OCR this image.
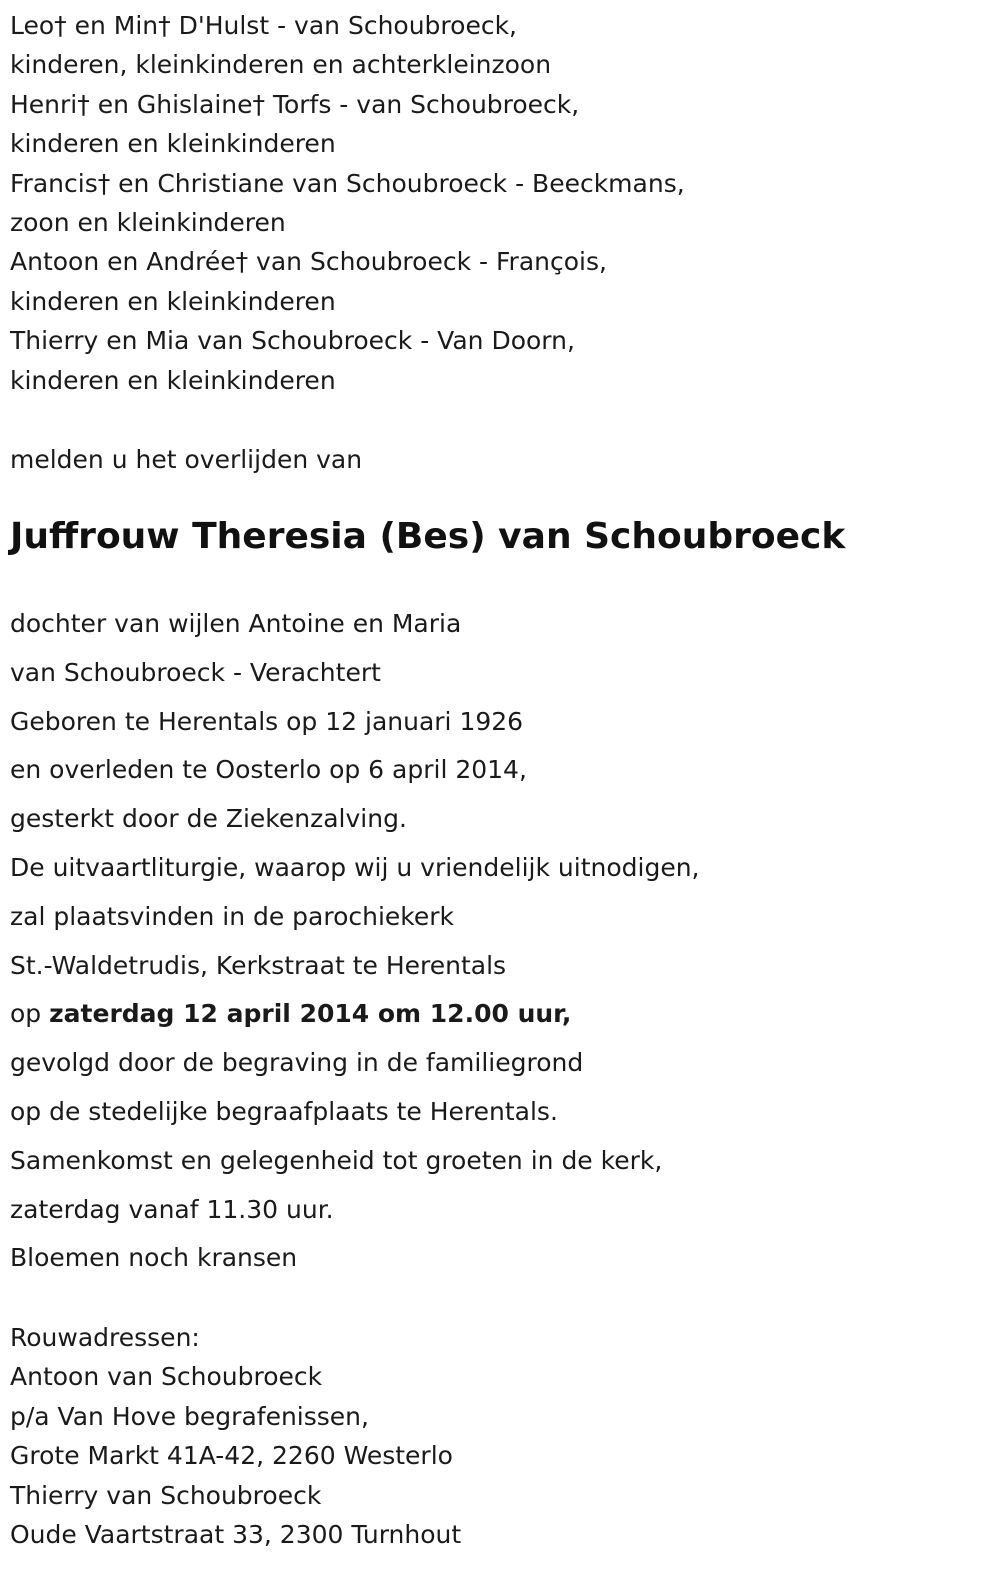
Leo† en Min† D'Hulst - van Schoubroeck,
kinderen, kleinkinderen en achterkleinzoon
Henri† en Ghislaine† Torfs - van Schoubroeck,
kinderen en kleinkinderen
Francis† en Christiane van Schoubroeck - Beeckmans,
zoon en kleinkinderen
Antoon en Andrée† van Schoubroeck - François,
kinderen en kleinkinderen
Thierry en Mia van Schoubroeck - Van Doorn,
kinderen en kleinkinderen
melden u het overlijden van
Juffrouw Theresia (Bes) van Schoubroeck
dochter van wijlen Antoine en Maria
van Schoubroeck - Verachtert
Geboren te Herentals op 12 januari 1926
en overleden te Oosterlo op 6 april 2014,
gesterkt door de Ziekenzalving.
De uitvaartliturgie, waarop wij u vriendelijk uitnodigen,
zal plaatsvinden in de parochiekerk
St.-Waldetrudis, Kerkstraat te Herentals
op zaterdag 12 april 2014 om 12.00 uur,
gevolgd door de begraving in de familiegrond
op de stedelijke begraafplaats te Herentals.
Samenkomst en gelegenheid tot groeten in de kerk,
zaterdag vanaf 11.30 uur.
Bloemen noch kransen
Rouwadressen:
Antoon van Schoubroeck
p/a Van Hove begrafenissen,
Grote Markt 41A-42, 2260 Westerlo
Thierry van Schoubroeck
Oude Vaartstraat 33, 2300 Turnhout
